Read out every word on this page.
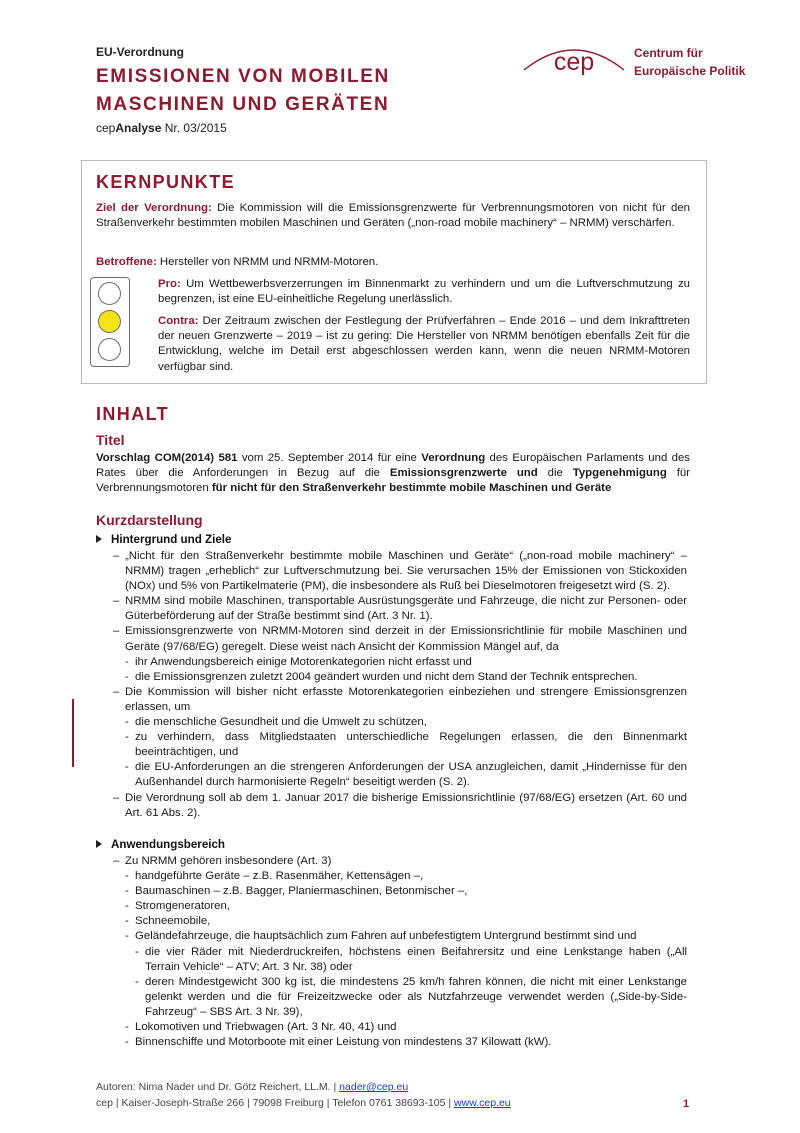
EU-Verordnung
EMISSIONEN VON MOBILEN
MASCHINEN UND GERÄTEN
cepAnalyse Nr. 03/2015
cep	Centrum für
Europäische Politik
KERNPUNKTE
Ziel der Verordnung: Die Kommission will die Emissionsgrenzwerte für Verbrennungsmotoren von nicht für den Straßenverkehr bestimmten mobilen Maschinen und Geräten („non-road mobile machinery“ – NRMM) verschärfen.
Betroffene: Hersteller von NRMM und NRMM-Motoren.
Pro: Um Wettbewerbsverzerrungen im Binnenmarkt zu verhindern und um die Luftverschmutzung zu begrenzen, ist eine EU-einheitliche Regelung unerlässlich.
Contra: Der Zeitraum zwischen der Festlegung der Prüfverfahren – Ende 2016 – und dem Inkrafttreten der neuen Grenzwerte – 2019 – ist zu gering: Die Hersteller von NRMM benötigen ebenfalls Zeit für die Entwicklung, welche im Detail erst abgeschlossen werden kann, wenn die neuen NRMM-Motoren verfügbar sind.
INHALT
Titel
Vorschlag COM(2014) 581 vom 25. September 2014 für eine Verordnung des Europäischen Parlaments und des Rates über die Anforderungen in Bezug auf die Emissionsgrenzwerte und die Typgenehmigung für Verbrennungsmotoren für nicht für den Straßenverkehr bestimmte mobile Maschinen und Geräte
Kurzdarstellung
Hintergrund und Ziele
– „Nicht für den Straßenverkehr bestimmte mobile Maschinen und Geräte“ („non-road mobile machinery“ – NRMM) tragen „erheblich“ zur Luftverschmutzung bei. Sie verursachen 15% der Emissionen von Stickoxiden (NOx) und 5% von Partikelmaterie (PM), die insbesondere als Ruß bei Dieselmotoren freigesetzt wird (S. 2).
– NRMM sind mobile Maschinen, transportable Ausrüstungsgeräte und Fahrzeuge, die nicht zur Personen- oder Güterbeförderung auf der Straße bestimmt sind (Art. 3 Nr. 1).
– Emissionsgrenzwerte von NRMM-Motoren sind derzeit in der Emissionsrichtlinie für mobile Maschinen und Geräte (97/68/EG) geregelt. Diese weist nach Ansicht der Kommission Mängel auf, da
- ihr Anwendungsbereich einige Motorenkategorien nicht erfasst und
- die Emissionsgrenzen zuletzt 2004 geändert wurden und nicht dem Stand der Technik entsprechen.
– Die Kommission will bisher nicht erfasste Motorenkategorien einbeziehen und strengere Emissionsgrenzen erlassen, um
- die menschliche Gesundheit und die Umwelt zu schützen,
- zu verhindern, dass Mitgliedstaaten unterschiedliche Regelungen erlassen, die den Binnenmarkt beeinträchtigen, und
- die EU-Anforderungen an die strengeren Anforderungen der USA anzugleichen, damit „Hindernisse für den Außenhandel durch harmonisierte Regeln“ beseitigt werden (S. 2).
– Die Verordnung soll ab dem 1. Januar 2017 die bisherige Emissionsrichtlinie (97/68/EG) ersetzen (Art. 60 und Art. 61 Abs. 2).
Anwendungsbereich
– Zu NRMM gehören insbesondere (Art. 3)
- handgeführte Geräte – z.B. Rasenmäher, Kettensägen –,
- Baumaschinen – z.B. Bagger, Planiermaschinen, Betonmischer –,
- Stromgeneratoren,
- Schneemobile,
- Geländefahrzeuge, die hauptsächlich zum Fahren auf unbefestigtem Untergrund bestimmt sind und
- die vier Räder mit Niederdruckreifen, höchstens einen Beifahrersitz und eine Lenkstange haben („All Terrain Vehicle“ – ATV; Art. 3 Nr. 38) oder
- deren Mindestgewicht 300 kg ist, die mindestens 25 km/h fahren können, die nicht mit einer Lenkstange gelenkt werden und die für Freizeitzwecke oder als Nutzfahrzeuge verwendet werden („Side-by-Side-Fahrzeug“ – SBS Art. 3 Nr. 39),
- Lokomotiven und Triebwagen (Art. 3 Nr. 40, 41) und
- Binnenschiffe und Motorboote mit einer Leistung von mindestens 37 Kilowatt (kW).
Autoren: Nima Nader und Dr. Götz Reichert, LL.M. | nader@cep.eu
cep | Kaiser-Joseph-Straße 266 | 79098 Freiburg | Telefon 0761 38693-105 | www.cep.eu	1
